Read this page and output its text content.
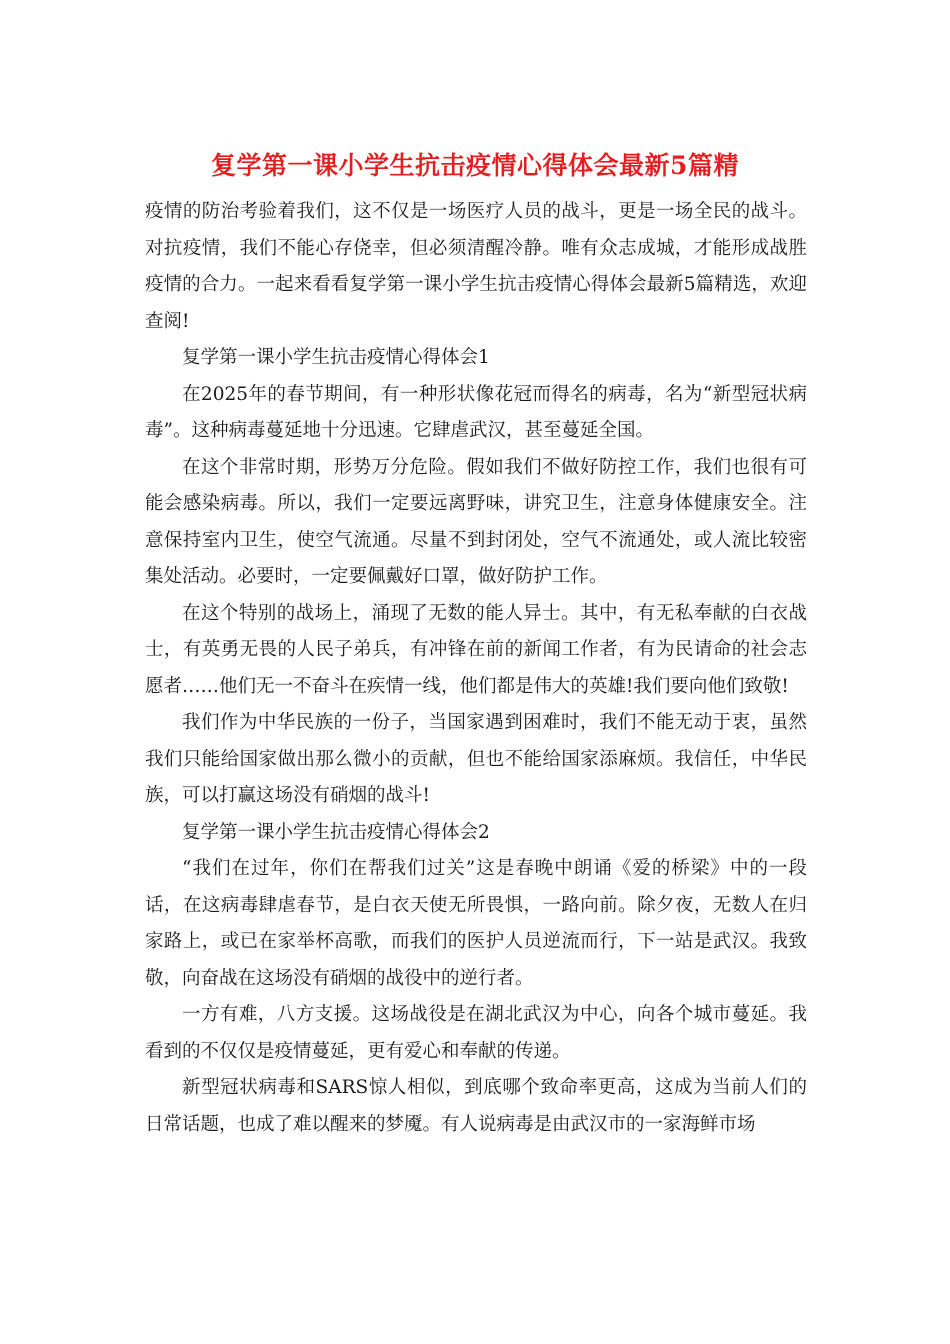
复学第一课小学生抗击疫情心得体会最新5篇精

疫情的防治考验着我们，这不仅是一场医疗人员的战斗，更是一场全民的战斗。对抗疫情，我们不能心存侥幸，但必须清醒冷静。唯有众志成城，才能形成战胜疫情的合力。一起来看看复学第一课小学生抗击疫情心得体会最新5篇精选，欢迎查阅!

复学第一课小学生抗击疫情心得体会1

在2025年的春节期间，有一种形状像花冠而得名的病毒，名为“新型冠状病毒”。这种病毒蔓延地十分迅速。它肆虐武汉，甚至蔓延全国。

在这个非常时期，形势万分危险。假如我们不做好防控工作，我们也很有可能会感染病毒。所以，我们一定要远离野味，讲究卫生，注意身体健康安全。注意保持室内卫生，使空气流通。尽量不到封闭处，空气不流通处，或人流比较密集处活动。必要时，一定要佩戴好口罩，做好防护工作。

在这个特别的战场上，涌现了无数的能人异士。其中，有无私奉献的白衣战士，有英勇无畏的人民子弟兵，有冲锋在前的新闻工作者，有为民请命的社会志愿者……他们无一不奋斗在疾情一线，他们都是伟大的英雄!我们要向他们致敬!

我们作为中华民族的一份子，当国家遇到困难时，我们不能无动于衷，虽然我们只能给国家做出那么微小的贡献，但也不能给国家添麻烦。我信任，中华民族，可以打赢这场没有硝烟的战斗!

复学第一课小学生抗击疫情心得体会2

“我们在过年，你们在帮我们过关”这是春晚中朗诵《爱的桥梁》中的一段话，在这病毒肆虐春节，是白衣天使无所畏惧，一路向前。除夕夜，无数人在归家路上，或已在家举杯高歌，而我们的医护人员逆流而行，下一站是武汉。我致敬，向奋战在这场没有硝烟的战役中的逆行者。

一方有难，八方支援。这场战役是在湖北武汉为中心，向各个城市蔓延。我看到的不仅仅是疫情蔓延，更有爱心和奉献的传递。

新型冠状病毒和SARS惊人相似，到底哪个致命率更高，这成为当前人们的日常话题，也成了难以醒来的梦魇。有人说病毒是由武汉市的一家海鲜市场
